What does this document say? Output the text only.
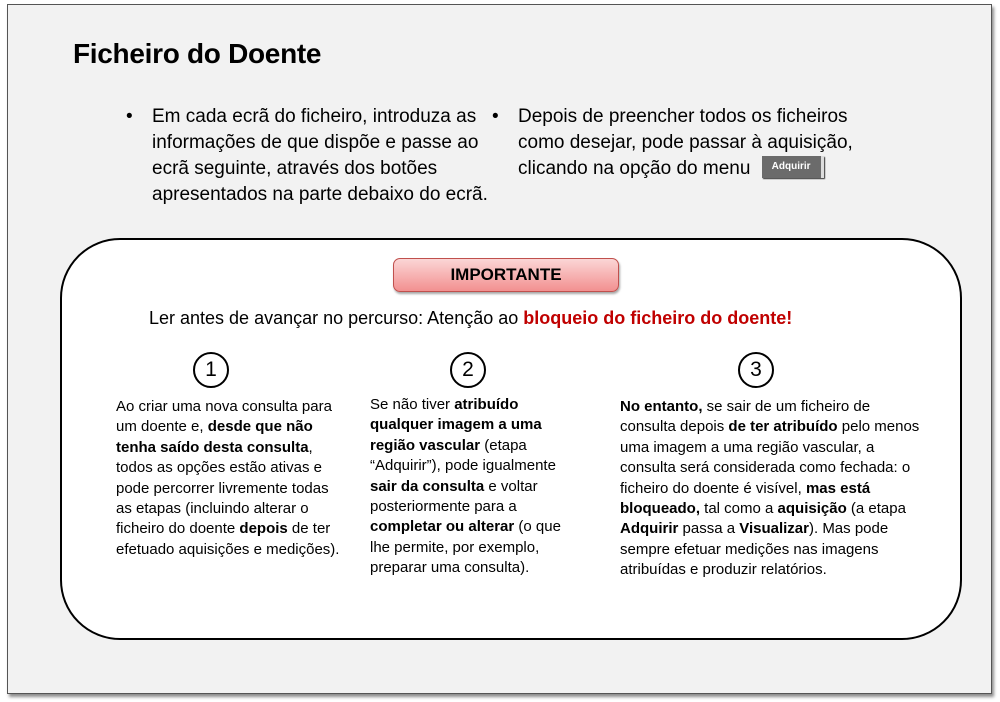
Ficheiro do Doente
• Em cada ecrã do ficheiro, introduza as informações de que dispõe e passe ao ecrã seguinte, através dos botões apresentados na parte debaixo do ecrã.
• Depois de preencher todos os ficheiros como desejar, pode passar à aquisição, clicando na opção do menu Adquirir
IMPORTANTE
Ler antes de avançar no percurso: Atenção ao bloqueio do ficheiro do doente!
1	2	3
Ao criar uma nova consulta para um doente e, desde que não tenha saído desta consulta, todos as opções estão ativas e pode percorrer livremente todas as etapas (incluindo alterar o ficheiro do doente depois de ter efetuado aquisições e medições).
Se não tiver atribuído qualquer imagem a uma região vascular (etapa “Adquirir”), pode igualmente sair da consulta e voltar posteriormente para a completar ou alterar (o que lhe permite, por exemplo, preparar uma consulta).
No entanto, se sair de um ficheiro de consulta depois de ter atribuído pelo menos uma imagem a uma região vascular, a consulta será considerada como fechada: o ficheiro do doente é visível, mas está bloqueado, tal como a aquisição (a etapa Adquirir passa a Visualizar). Mas pode sempre efetuar medições nas imagens atribuídas e produzir relatórios.
